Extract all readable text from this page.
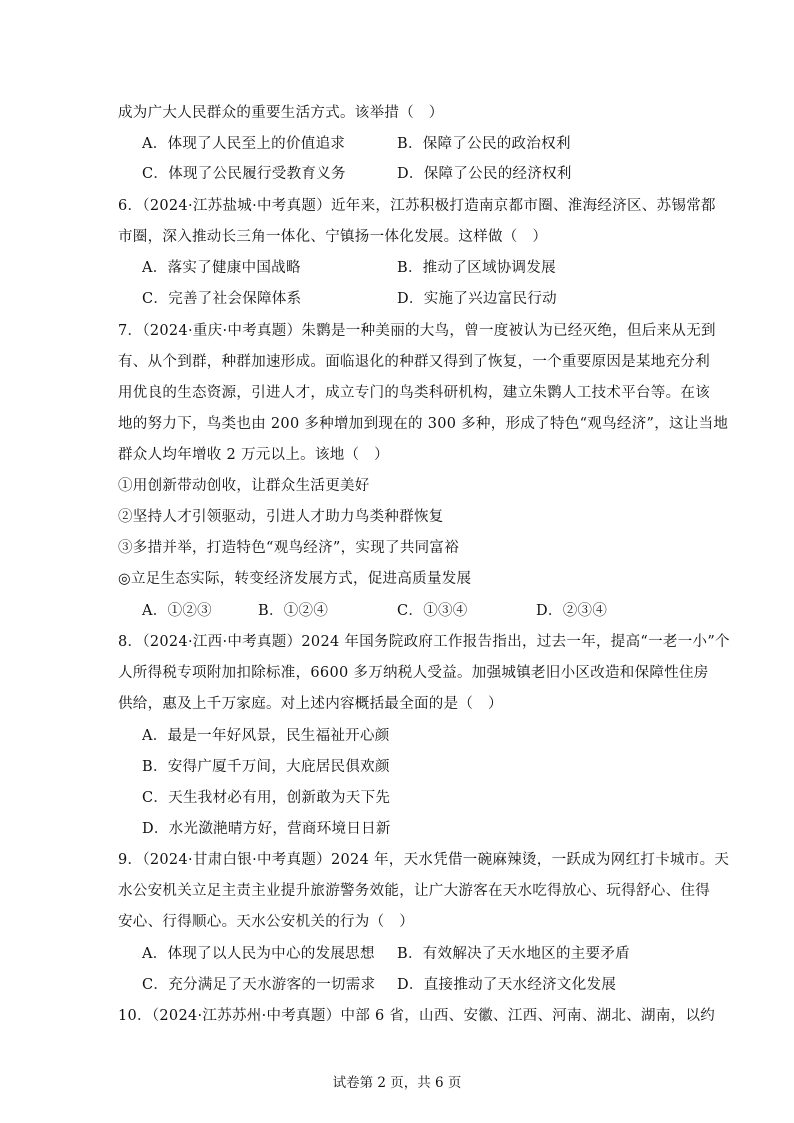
成为广大人民群众的重要生活方式。该举措（　）
A．体现了人民至上的价值追求	B．保障了公民的政治权利
C．体现了公民履行受教育义务	D．保障了公民的经济权利
6．（2024·江苏盐城·中考真题）近年来，江苏积极打造南京都市圈、淮海经济区、苏锡常都
市圈，深入推动长三角一体化、宁镇扬一体化发展。这样做（　）
A．落实了健康中国战略	B．推动了区域协调发展
C．完善了社会保障体系	D．实施了兴边富民行动
7．（2024·重庆·中考真题）朱鹮是一种美丽的大鸟，曾一度被认为已经灭绝，但后来从无到
有、从个到群，种群加速形成。面临退化的种群又得到了恢复，一个重要原因是某地充分利
用优良的生态资源，引进人才，成立专门的鸟类科研机构，建立朱鹮人工技术平台等。在该
地的努力下，鸟类也由 200 多种增加到现在的 300 多种，形成了特色“观鸟经济”，这让当地
群众人均年增收 2 万元以上。该地（　）
①用创新带动创收，让群众生活更美好
②坚持人才引领驱动，引进人才助力鸟类种群恢复
③多措并举，打造特色“观鸟经济”，实现了共同富裕
◎立足生态实际，转变经济发展方式，促进高质量发展
A．①②③	B．①②④	C．①③④	D．②③④
8．（2024·江西·中考真题）2024 年国务院政府工作报告指出，过去一年，提高“一老一小”个
人所得税专项附加扣除标准，6600 多万纳税人受益。加强城镇老旧小区改造和保障性住房
供给，惠及上千万家庭。对上述内容概括最全面的是（　）
A．最是一年好风景，民生福祉开心颜
B．安得广厦千万间，大庇居民俱欢颜
C．天生我材必有用，创新敢为天下先
D．水光潋滟晴方好，营商环境日日新
9．（2024·甘肃白银·中考真题）2024 年，天水凭借一碗麻辣烫，一跃成为网红打卡城市。天
水公安机关立足主责主业提升旅游警务效能，让广大游客在天水吃得放心、玩得舒心、住得
安心、行得顺心。天水公安机关的行为（　）
A．体现了以人民为中心的发展思想 B．有效解决了天水地区的主要矛盾
C．充分满足了天水游客的一切需求 D．直接推动了天水经济文化发展
10．（2024·江苏苏州·中考真题）中部 6 省，山西、安徽、江西、河南、湖北、湖南，以约
试卷第 2 页，共 6 页
